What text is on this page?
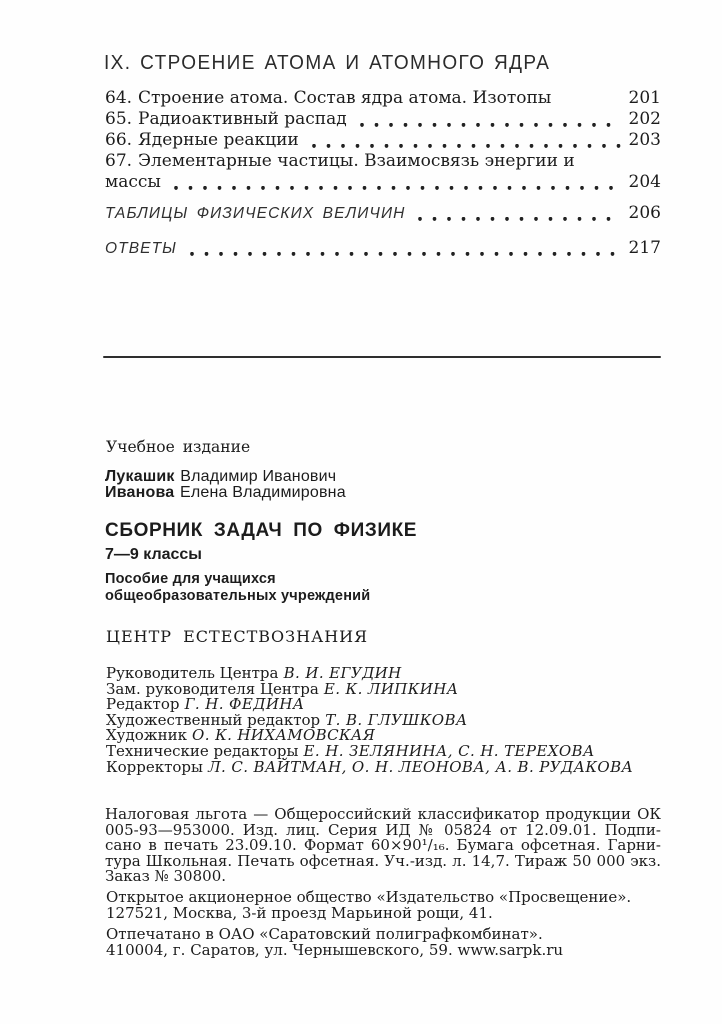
IX. СТРОЕНИЕ АТОМА И АТОМНОГО ЯДРА
64. Строение атома. Состав ядра атома. Изотопы	201
65. Радиоактивный распад	202
66. Ядерные реакции	203
67. Элементарные частицы. Взаимосвязь энергии и
массы	204
ТАБЛИЦЫ ФИЗИЧЕСКИХ ВЕЛИЧИН	206
ОТВЕТЫ	217
Учебное издание
Лукашик Владимир Иванович
Иванова Елена Владимировна
СБОРНИК ЗАДАЧ ПО ФИЗИКЕ
7—9 классы
Пособие для учащихся
общеобразовательных учреждений
ЦЕНТР ЕСТЕСТВОЗНАНИЯ
Руководитель Центра В. И. ЕГУДИН
Зам. руководителя Центра Е. К. ЛИПКИНА
Редактор Г. Н. ФЕДИНА
Художественный редактор Т. В. ГЛУШКОВА
Художник О. К. НИХАМОВСКАЯ
Технические редакторы Е. Н. ЗЕЛЯНИНА, С. Н. ТЕРЕХОВА
Корректоры Л. С. ВАЙТМАН, О. Н. ЛЕОНОВА, А. В. РУДАКОВА
Налоговая льгота — Общероссийский классификатор продукции ОК
005-93—953000. Изд. лиц. Серия ИД № 05824 от 12.09.01. Подпи-
сано в печать 23.09.10. Формат 60×90¹/₁₆. Бумага офсетная. Гарни-
тура Школьная. Печать офсетная. Уч.-изд. л. 14,7. Тираж 50 000 экз.
Заказ № 30800.
Открытое акционерное общество «Издательство «Просвещение».
127521, Москва, 3-й проезд Марьиной рощи, 41.
Отпечатано в ОАО «Саратовский полиграфкомбинат».
410004, г. Саратов, ул. Чернышевского, 59. www.sarpk.ru
